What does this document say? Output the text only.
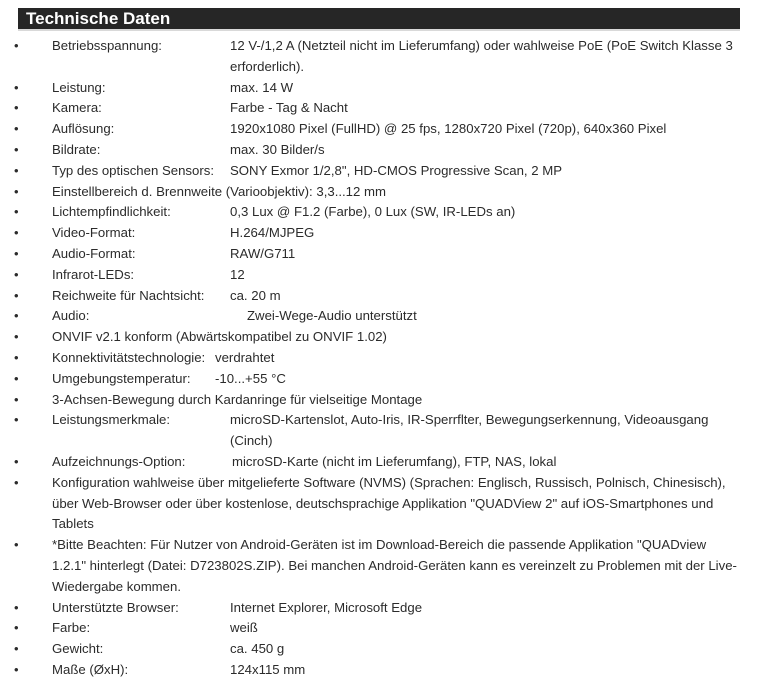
Technische Daten
•	Betriebsspannung:	12 V-/1,2 A (Netzteil nicht im Lieferumfang) oder wahlweise PoE (PoE Switch Klasse 3 erforderlich).
•	Leistung:	max. 14 W
•	Kamera:	Farbe - Tag & Nacht
•	Auflösung:	1920x1080 Pixel (FullHD) @ 25 fps, 1280x720 Pixel (720p), 640x360 Pixel
•	Bildrate:	max. 30 Bilder/s
•	Typ des optischen Sensors:	SONY Exmor 1/2,8", HD-CMOS Progressive Scan, 2 MP
•	Einstellbereich d. Brennweite (Varioobjektiv): 3,3...12 mm
•	Lichtempfindlichkeit:	0,3 Lux @ F1.2 (Farbe), 0 Lux (SW, IR-LEDs an)
•	Video-Format:	H.264/MJPEG
•	Audio-Format:	RAW/G711
•	Infrarot-LEDs:	12
•	Reichweite für Nachtsicht:	ca. 20 m
•	Audio:	Zwei-Wege-Audio unterstützt
•	ONVIF v2.1 konform (Abwärtskompatibel zu ONVIF 1.02)
•	Konnektivitätstechnologie: verdrahtet
•	Umgebungstemperatur:	-10...+55 °C
•	3-Achsen-Bewegung durch Kardanringe für vielseitige Montage
•	Leistungsmerkmale:	microSD-Kartenslot, Auto-Iris, IR-Sperrflter, Bewegungserkennung, Videoausgang (Cinch)
•	Aufzeichnungs-Option:	microSD-Karte (nicht im Lieferumfang), FTP, NAS, lokal
•	Konfiguration wahlweise über mitgelieferte Software (NVMS) (Sprachen: Englisch, Russisch, Polnisch, Chinesisch), über Web-Browser oder über kostenlose, deutschsprachige Applikation "QUADView 2" auf iOS-Smartphones und Tablets
•	*Bitte Beachten: Für Nutzer von Android-Geräten ist im Download-Bereich die passende Applikation "QUADview 1.2.1" hinterlegt (Datei: D723802S.ZIP). Bei manchen Android-Geräten kann es vereinzelt zu Problemen mit der Live-Wiedergabe kommen.
•	Unterstützte Browser:	Internet Explorer, Microsoft Edge
•	Farbe:	weiß
•	Gewicht:	ca. 450 g
•	Maße (ØxH):	124x115 mm
